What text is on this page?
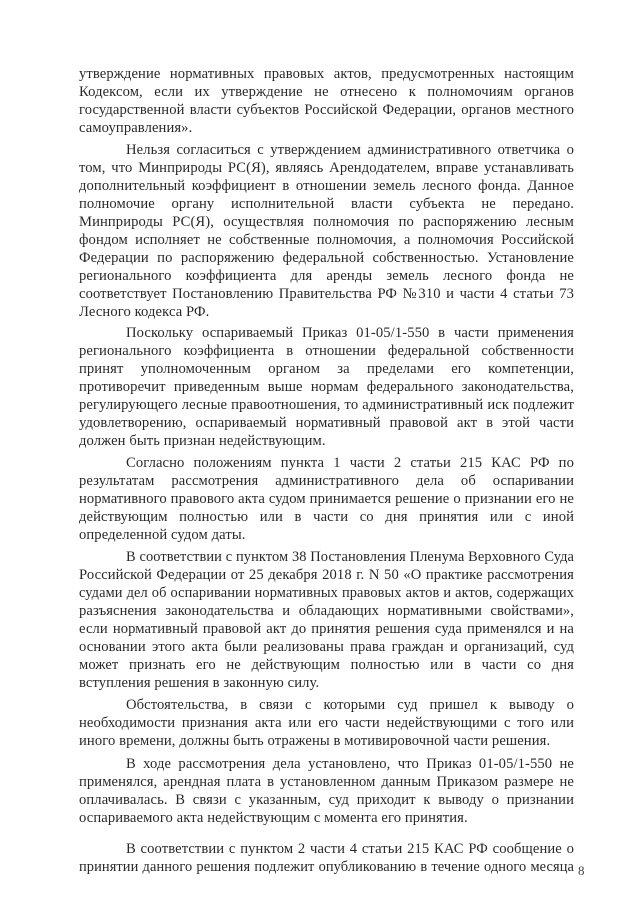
утверждение нормативных правовых актов, предусмотренных настоящим
Кодексом, если их утверждение не отнесено к полномочиям органов
государственной власти субъектов Российской Федерации, органов местного
самоуправления».
Нельзя согласиться с утверждением административного ответчика о
том, что Минприроды РС(Я), являясь Арендодателем, вправе устанавливать
дополнительный коэффициент в отношении земель лесного фонда. Данное
полномочие органу исполнительной власти субъекта не передано.
Минприроды РС(Я), осуществляя полномочия по распоряжению лесным
фондом исполняет не собственные полномочия, а полномочия Российской
Федерации по распоряжению федеральной собственностью. Установление
регионального коэффициента для аренды земель лесного фонда не
соответствует Постановлению Правительства РФ №310 и части 4 статьи 73
Лесного кодекса РФ.
Поскольку оспариваемый Приказ 01-05/1-550 в части применения
регионального коэффициента в отношении федеральной собственности
принят уполномоченным органом за пределами его компетенции,
противоречит приведенным выше нормам федерального законодательства,
регулирующего лесные правоотношения, то административный иск подлежит
удовлетворению, оспариваемый нормативный правовой акт в этой части
должен быть признан недействующим.
Согласно положениям пункта 1 части 2 статьи 215 КАС РФ по
результатам рассмотрения административного дела об оспаривании
нормативного правового акта судом принимается решение о признании его не
действующим полностью или в части со дня принятия или с иной
определенной судом даты.
В соответствии с пунктом 38 Постановления Пленума Верховного Суда
Российской Федерации от 25 декабря 2018 г. N 50 «О практике рассмотрения
судами дел об оспаривании нормативных правовых актов и актов, содержащих
разъяснения законодательства и обладающих нормативными свойствами»,
если нормативный правовой акт до принятия решения суда применялся и на
основании этого акта были реализованы права граждан и организаций, суд
может признать его не действующим полностью или в части со дня
вступления решения в законную силу.
Обстоятельства, в связи с которыми суд пришел к выводу о
необходимости признания акта или его части недействующими с того или
иного времени, должны быть отражены в мотивировочной части решения.
В ходе рассмотрения дела установлено, что Приказ 01-05/1-550 не
применялся, арендная плата в установленном данным Приказом размере не
оплачивалась. В связи с указанным, суд приходит к выводу о признании
оспариваемого акта недействующим с момента его принятия.
В соответствии с пунктом 2 части 4 статьи 215 КАС РФ сообщение о
принятии данного решения подлежит опубликованию в течение одного месяца 8
